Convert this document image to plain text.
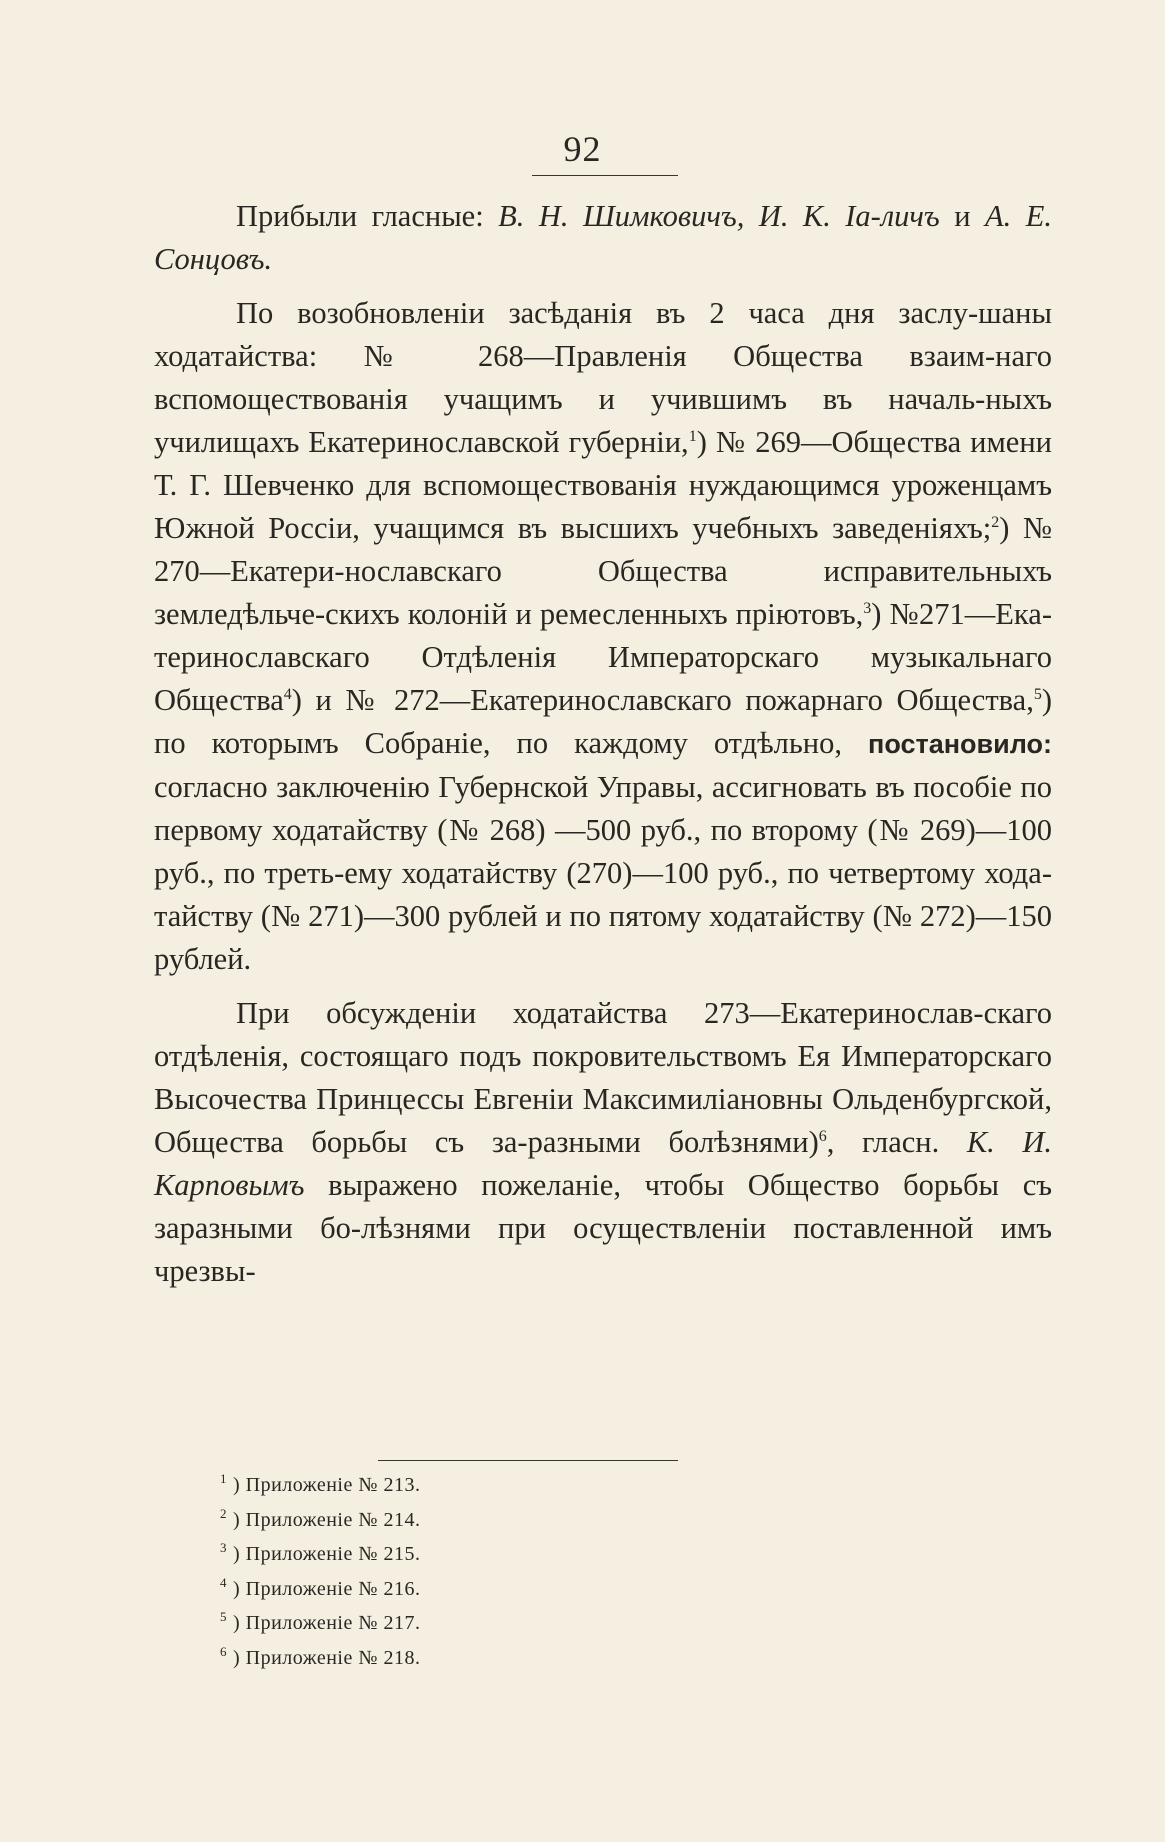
92

Прибыли гласные: В. Н. Шимковичъ, И. К. Iа-личъ и А. Е. Сонцовъ.

По возобновленіи засѣданія въ 2 часа дня заслу-шаны ходатайства: № 268—Правленія Общества взаим-наго вспомоществованія учащимъ и учившимъ въ началь-ныхъ училищахъ Екатеринославской губерніи,$^1$) № 269—Общества имени Т. Г. Шевченко для вспомоществованія нуждающимся уроженцамъ Южной Россіи, учащимся въ высшихъ учебныхъ заведеніяхъ;$^2$) № 270—Екатери-нославскаго Общества исправительныхъ земледѣльче-скихъ колоній и ремесленныхъ пріютовъ,$^3$) №271—Ека-теринославскаго Отдѣленія Императорскаго музыкальнаго Общества$^4$) и № 272—Екатеринославскаго пожарнаго Общества,$^5$) по которымъ Собраніе, по каждому отдѣльно, постановило: согласно заключенію Губернской Управы, ассигновать въ пособіе по первому ходатайству (№ 268) —500 руб., по второму (№ 269)—100 руб., по треть-ему ходатайству (270)—100 руб., по четвертому хода-тайству (№ 271)—300 рублей и по пятому ходатайству (№ 272)—150 рублей.

При обсужденіи ходатайства 273—Екатеринослав-скаго отдѣленія, состоящаго подъ покровительствомъ Ея Императорскаго Высочества Принцессы Евгеніи Максимиліановны Ольденбургской, Общества борьбы съ за-разными болѣзнями)$^6$, гласн. К. И. Карповымъ выражено пожеланіе, чтобы Общество борьбы съ заразными бо-лѣзнями при осуществленіи поставленной имъ чрезвы-

$^1$ ) Приложеніе № 213.
$^2$ ) Приложеніе № 214.
$^3$ ) Приложеніе № 215.
$^4$ ) Приложеніе № 216.
$^5$ ) Приложеніе № 217.
$^6$ ) Приложеніе № 218.
